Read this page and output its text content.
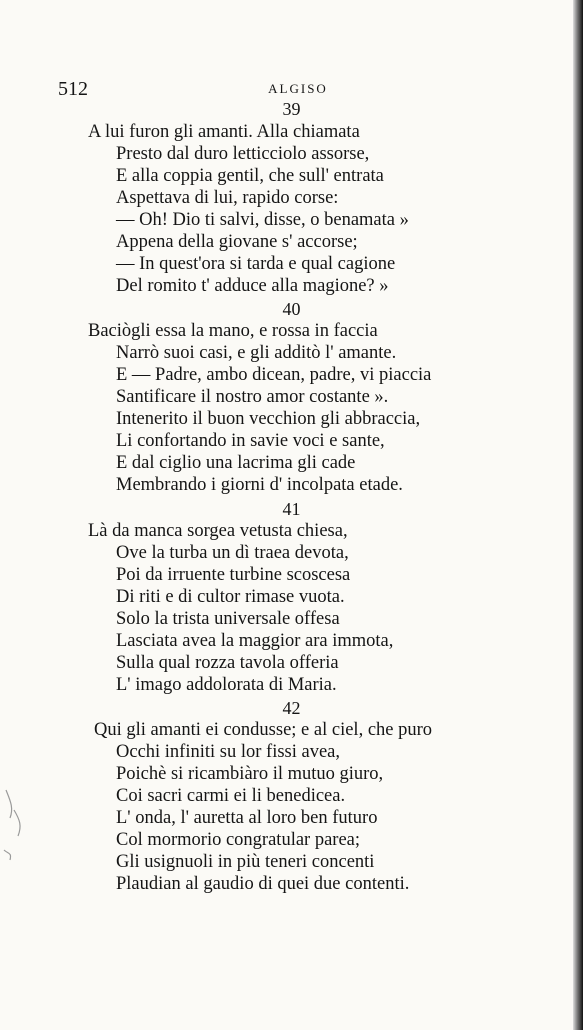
512	ALGISO
39
A lui furon gli amanti. Alla chiamata
Presto dal duro letticciolo assorse,
E alla coppia gentil, che sull' entrata
Aspettava di lui, rapido corse:
— Oh! Dio ti salvi, disse, o benamata »
Appena della giovane s' accorse;
— In quest'ora si tarda e qual cagione
Del romito t' adduce alla magione? »
40
Baciògli essa la mano, e rossa in faccia
Narrò suoi casi, e gli additò l' amante.
E — Padre, ambo dicean, padre, vi piaccia
Santificare il nostro amor costante ».
Intenerito il buon vecchion gli abbraccia,
Li confortando in savie voci e sante,
E dal ciglio una lacrima gli cade
Membrando i giorni d' incolpata etade.
41
Là da manca sorgea vetusta chiesa,
Ove la turba un dì traea devota,
Poi da irruente turbine scoscesa
Di riti e di cultor rimase vuota.
Solo la trista universale offesa
Lasciata avea la maggior ara immota,
Sulla qual rozza tavola offeria
L' imago addolorata di Maria.
42
Qui gli amanti ei condusse; e al ciel, che puro
Occhi infiniti su lor fissi avea,
Poichè si ricambiàro il mutuo giuro,
Coi sacri carmi ei li benedicea.
L' onda, l' auretta al loro ben futuro
Col mormorio congratular parea;
Gli usignuoli in più teneri concenti
Plaudian al gaudio di quei due contenti.
